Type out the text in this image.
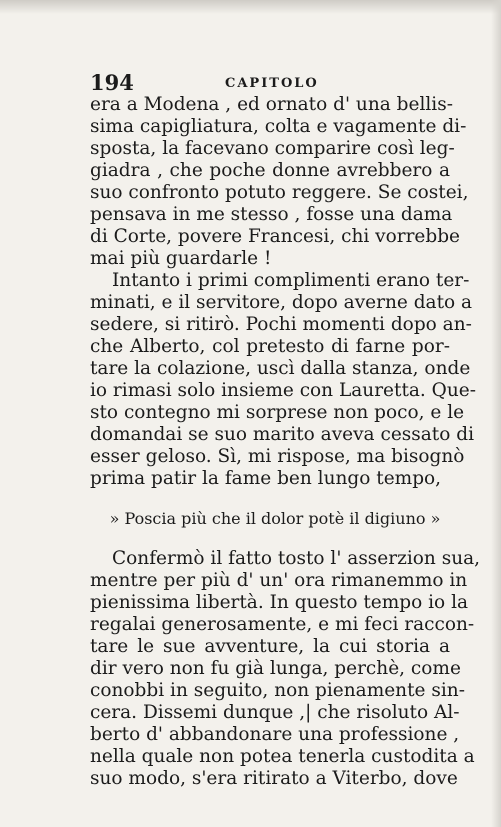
194	CAPITOLO
era a Modena , ed ornato d' una bellis-
sima capigliatura, colta e vagamente di-
sposta, la facevano comparire così leg-
giadra , che poche donne avrebbero a
suo confronto potuto reggere. Se costei,
pensava in me stesso , fosse una dama
di Corte, povere Francesi, chi vorrebbe
mai più guardarle !
Intanto i primi complimenti erano ter-
minati, e il servitore, dopo averne dato a
sedere, si ritirò. Pochi momenti dopo an-
che Alberto, col pretesto di farne por-
tare la colazione, uscì dalla stanza, onde
io rimasi solo insieme con Lauretta. Que-
sto contegno mi sorprese non poco, e le
domandai se suo marito aveva cessato di
esser geloso. Sì, mi rispose, ma bisognò
prima patir la fame ben lungo tempo,
» Poscia più che il dolor potè il digiuno »
Confermò il fatto tosto l' asserzion sua,
mentre per più d' un' ora rimanemmo in
pienissima libertà. In questo tempo io la
regalai generosamente, e mi feci raccon-
tare le sue avventure, la cui storia a
dir vero non fu già lunga, perchè, come
conobbi in seguito, non pienamente sin-
cera. Dissemi dunque ,| che risoluto Al-
berto d' abbandonare una professione ,
nella quale non potea tenerla custodita a
suo modo, s'era ritirato a Viterbo, dove
